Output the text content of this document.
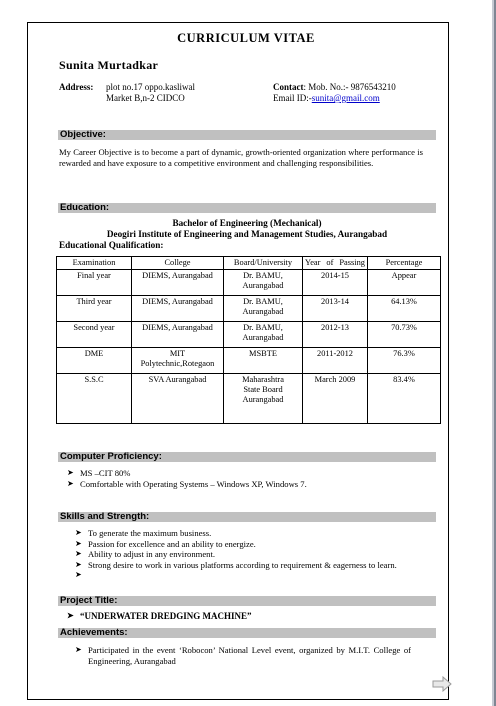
CURRICULUM VITAE
Sunita Murtadkar
Address: plot no.17 oppo.kasliwal
Market B,n-2 CIDCO
Contact: Mob. No.:- 9876543210
Email ID:-sunita@gmail.com
Objective:
My Career Objective is to become a part of dynamic, growth-oriented organization where performance is rewarded and have exposure to a competitive environment and challenging responsibilities.
Education:
Bachelor of Engineering (Mechanical)
Deogiri Institute of Engineering and Management Studies, Aurangabad
Educational Qualification:
Examination	College	Board/University	Year of Passing	Percentage
Final year	DIEMS, Aurangabad	Dr. BAMU, Aurangabad	2014-15	Appear
Third year	DIEMS, Aurangabad	Dr. BAMU, Aurangabad	2013-14	64.13%
Second year	DIEMS, Aurangabad	Dr. BAMU, Aurangabad	2012-13	70.73%
DME	MIT Polytechnic,Rotegaon	MSBTE	2011-2012	76.3%
S.S.C	SVA Aurangabad	Maharashtra State Board Aurangabad	March 2009	83.4%
Computer Proficiency:
➤ MS –CIT 80%
➤ Comfortable with Operating Systems – Windows XP, Windows 7.
Skills and Strength:
➤ To generate the maximum business.
➤ Passion for excellence and an ability to energize.
➤ Ability to adjust in any environment.
➤ Strong desire to work in various platforms according to requirement & eagerness to learn.
➤
Project Title:
➤ “UNDERWATER DREDGING MACHINE”
Achievements:
➤ Participated in the event ‘Robocon’ National Level event, organized by M.I.T. College of Engineering, Aurangabad
